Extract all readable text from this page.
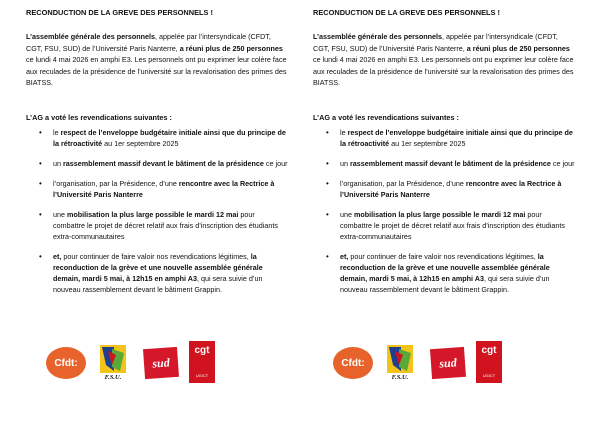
RECONDUCTION DE LA GREVE DES PERSONNELS !
L’assemblée générale des personnels, appelée par l’intersyndicale (CFDT, CGT, FSU, SUD) de l’Université Paris Nanterre, a réuni plus de 250 personnes ce lundi 4 mai 2026 en amphi E3. Les personnels ont pu exprimer leur colère face aux reculades de la présidence de l’université sur la revalorisation des primes des BIATSS.
L’AG a voté les revendications suivantes :
• le respect de l’enveloppe budgétaire initiale ainsi que du principe de la rétroactivité au 1er septembre 2025
• un rassemblement massif devant le bâtiment de la présidence ce jour
• l’organisation, par la Présidence, d’une rencontre avec la Rectrice à l’Université Paris Nanterre
• une mobilisation la plus large possible le mardi 12 mai pour combattre le projet de décret relatif aux frais d’inscription des étudiants extra-communautaires
• et, pour continuer de faire valoir nos revendications légitimes, la reconduction de la grève et une nouvelle assemblée générale demain, mardi 5 mai, à 12h15 en amphi A3, qui sera suivie d’un nouveau rassemblement devant le bâtiment Grappin.
Cfdt:
F.S.U.
sud
cgt
UGICT
RECONDUCTION DE LA GREVE DES PERSONNELS !
L’assemblée générale des personnels, appelée par l’intersyndicale (CFDT, CGT, FSU, SUD) de l’Université Paris Nanterre, a réuni plus de 250 personnes ce lundi 4 mai 2026 en amphi E3. Les personnels ont pu exprimer leur colère face aux reculades de la présidence de l’université sur la revalorisation des primes des BIATSS.
L’AG a voté les revendications suivantes :
• le respect de l’enveloppe budgétaire initiale ainsi que du principe de la rétroactivité au 1er septembre 2025
• un rassemblement massif devant le bâtiment de la présidence ce jour
• l’organisation, par la Présidence, d’une rencontre avec la Rectrice à l’Université Paris Nanterre
• une mobilisation la plus large possible le mardi 12 mai pour combattre le projet de décret relatif aux frais d’inscription des étudiants extra-communautaires
• et, pour continuer de faire valoir nos revendications légitimes, la reconduction de la grève et une nouvelle assemblée générale demain, mardi 5 mai, à 12h15 en amphi A3, qui sera suivie d’un nouveau rassemblement devant le bâtiment Grappin.
Cfdt:
F.S.U.
sud
cgt
UGICT
